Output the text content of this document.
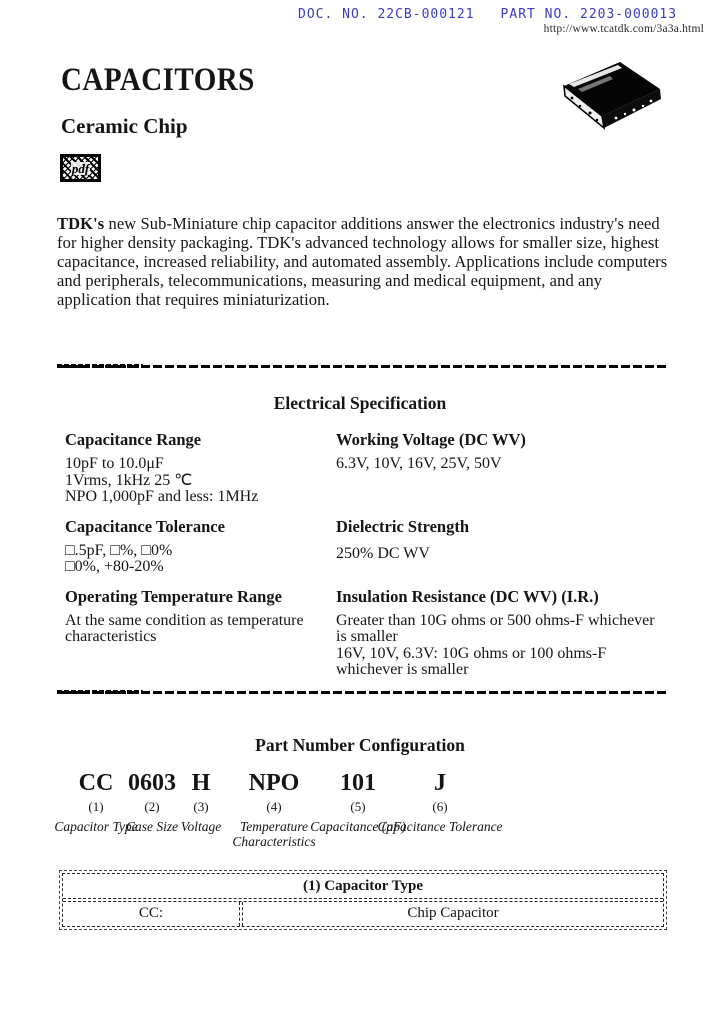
DOC. NO. 22CB-000121 PART NO. 2203-000013
http://www.tcatdk.com/3a3a.html
CAPACITORS
Ceramic Chip
pdf

TDK's new Sub-Miniature chip capacitor additions answer the electronics industry's need for higher density packaging. TDK's advanced technology allows for smaller size, highest capacitance, increased reliability, and automated assembly. Applications include computers and peripherals, telecommunications, measuring and medical equipment, and any application that requires miniaturization.

Electrical Specification
Capacitance Range
10pF to 10.0μF
1Vrms, 1kHz 25 ℃
NPO 1,000pF and less: 1MHz
Working Voltage (DC WV)
6.3V, 10V, 16V, 25V, 50V
Capacitance Tolerance
□.5pF, □%, □0%
□0%, +80-20%
Dielectric Strength
250% DC WV
Operating Temperature Range
At the same condition as temperature
characteristics
Insulation Resistance (DC WV) (I.R.)
Greater than 10G ohms or 500 ohms-F whichever
is smaller
16V, 10V, 6.3V: 10G ohms or 100 ohms-F
whichever is smaller
Part Number Configuration
CC
(1)
Capacitor Type
0603
(2)
Case Size
H
(3)
Voltage
NPO
(4)
Temperature Characteristics
101
(5)
Capacitance (pF)
J
(6)
Capacitance Tolerance
(1) Capacitor Type
CC:	Chip Capacitor
